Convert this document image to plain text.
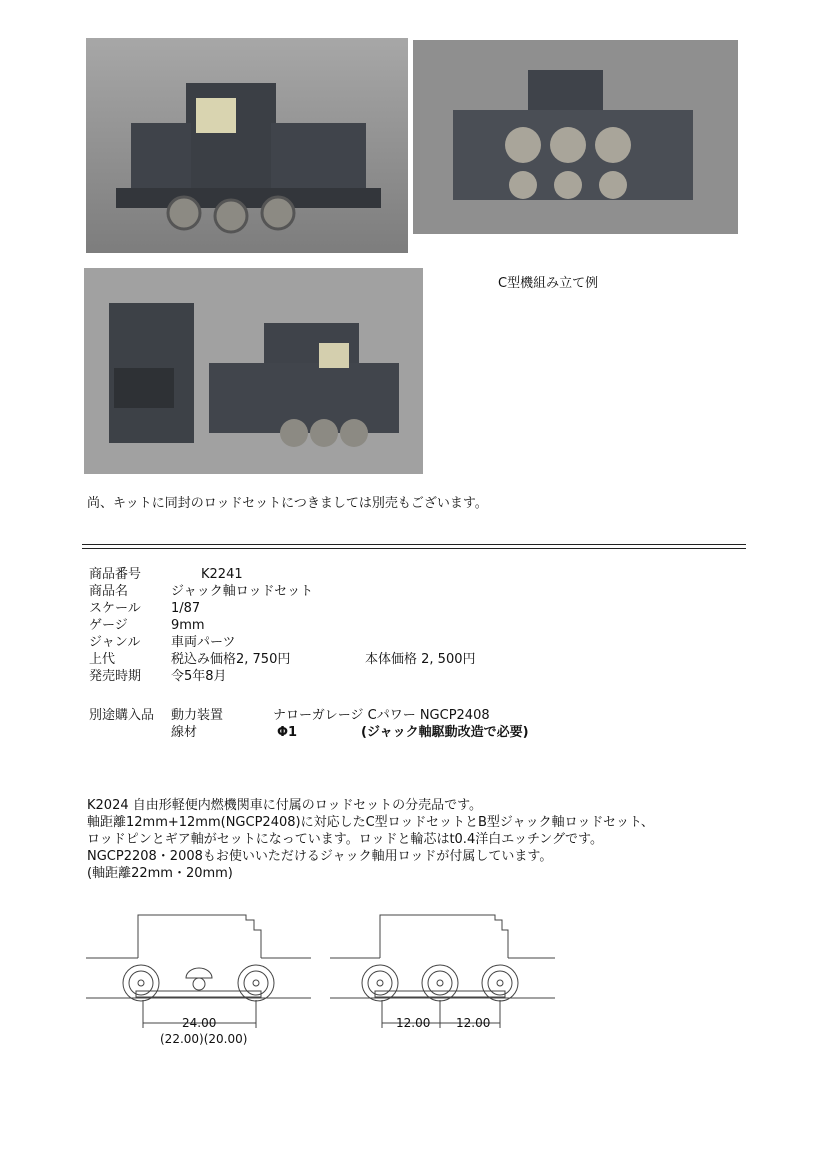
C型機組み立て例
尚、キットに同封のロッドセットにつきましては別売もございます。
商品番号	K2241
商品名	ジャック軸ロッドセット
スケール 1/87
ゲージ	9mm
ジャンル 車両パーツ
上代	税込み価格2, 750円	本体価格 2, 500円
発売時期 令5年8月
別途購入品 動力装置	ナローガレージ Cパワー NGCP2408
線材	Φ1	(ジャック軸駆動改造で必要)
K2024 自由形軽便内燃機関車に付属のロッドセットの分売品です。
軸距離12mm+12mm(NGCP2408)に対応したC型ロッドセットとB型ジャック軸ロッドセット、
ロッドピンとギア軸がセットになっています。ロッドと輪芯はt0.4洋白エッチングです。
NGCP2208・2008もお使いいただけるジャック軸用ロッドが付属しています。
(軸距離22mm・20mm)
24.00
(22.00)(20.00)
12.00 12.00
